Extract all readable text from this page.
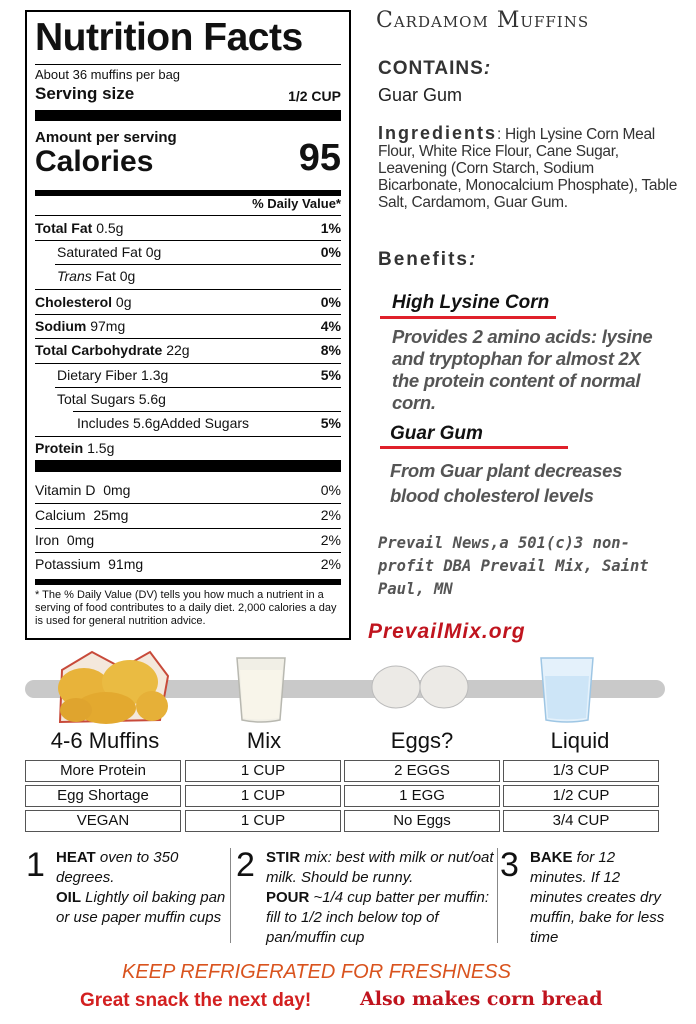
Nutrition Facts
About 36 muffins per bag
Serving size	1/2 CUP
Amount per serving
Calories	95
% Daily Value*
Total Fat 0.5g	1%
Saturated Fat 0g	0%
Trans Fat 0g
Cholesterol 0g	0%
Sodium 97mg	4%
Total Carbohydrate 22g	8%
Dietary Fiber 1.3g	5%
Total Sugars 5.6g
Includes 5.6gAdded Sugars	5%
Protein 1.5g
Vitamin D  0mg	0%
Calcium  25mg	2%
Iron  0mg	2%
Potassium  91mg	2%
* The % Daily Value (DV) tells you how much a nutrient in a serving of food contributes to a daily diet. 2,000 calories a day is used for general nutrition advice.
Cardamom Muffins
CONTAINS:
Guar Gum
Ingredients: High Lysine Corn Meal Flour, White Rice Flour, Cane Sugar, Leavening (Corn Starch, Sodium Bicarbonate, Monocalcium Phosphate), Table Salt, Cardamom, Guar Gum.
Benefits:
High Lysine Corn
Provides 2 amino acids: lysine and tryptophan for almost 2X the protein content of normal corn.
Guar Gum
From Guar plant decreases blood cholesterol levels
Prevail News,a 501(c)3 non-profit DBA Prevail Mix, Saint Paul, MN
PrevailMix.org
4-6 Muffins	Mix	Eggs?	Liquid
More Protein	1 CUP	2 EGGS	1/3 CUP
Egg Shortage	1 CUP	1 EGG	1/2 CUP
VEGAN	1 CUP	No Eggs	3/4 CUP
1 HEAT oven to 350 degrees.
OIL Lightly oil baking pan or use paper muffin cups
2 STIR mix: best with milk or nut/oat milk. Should be runny.
POUR ~1/4 cup batter per muffin: fill to 1/2 inch below top of pan/muffin cup
3 BAKE for 12 minutes. If 12 minutes creates dry muffin, bake for less time
KEEP REFRIGERATED FOR FRESHNESS
Great snack the next day!	Also makes corn bread
